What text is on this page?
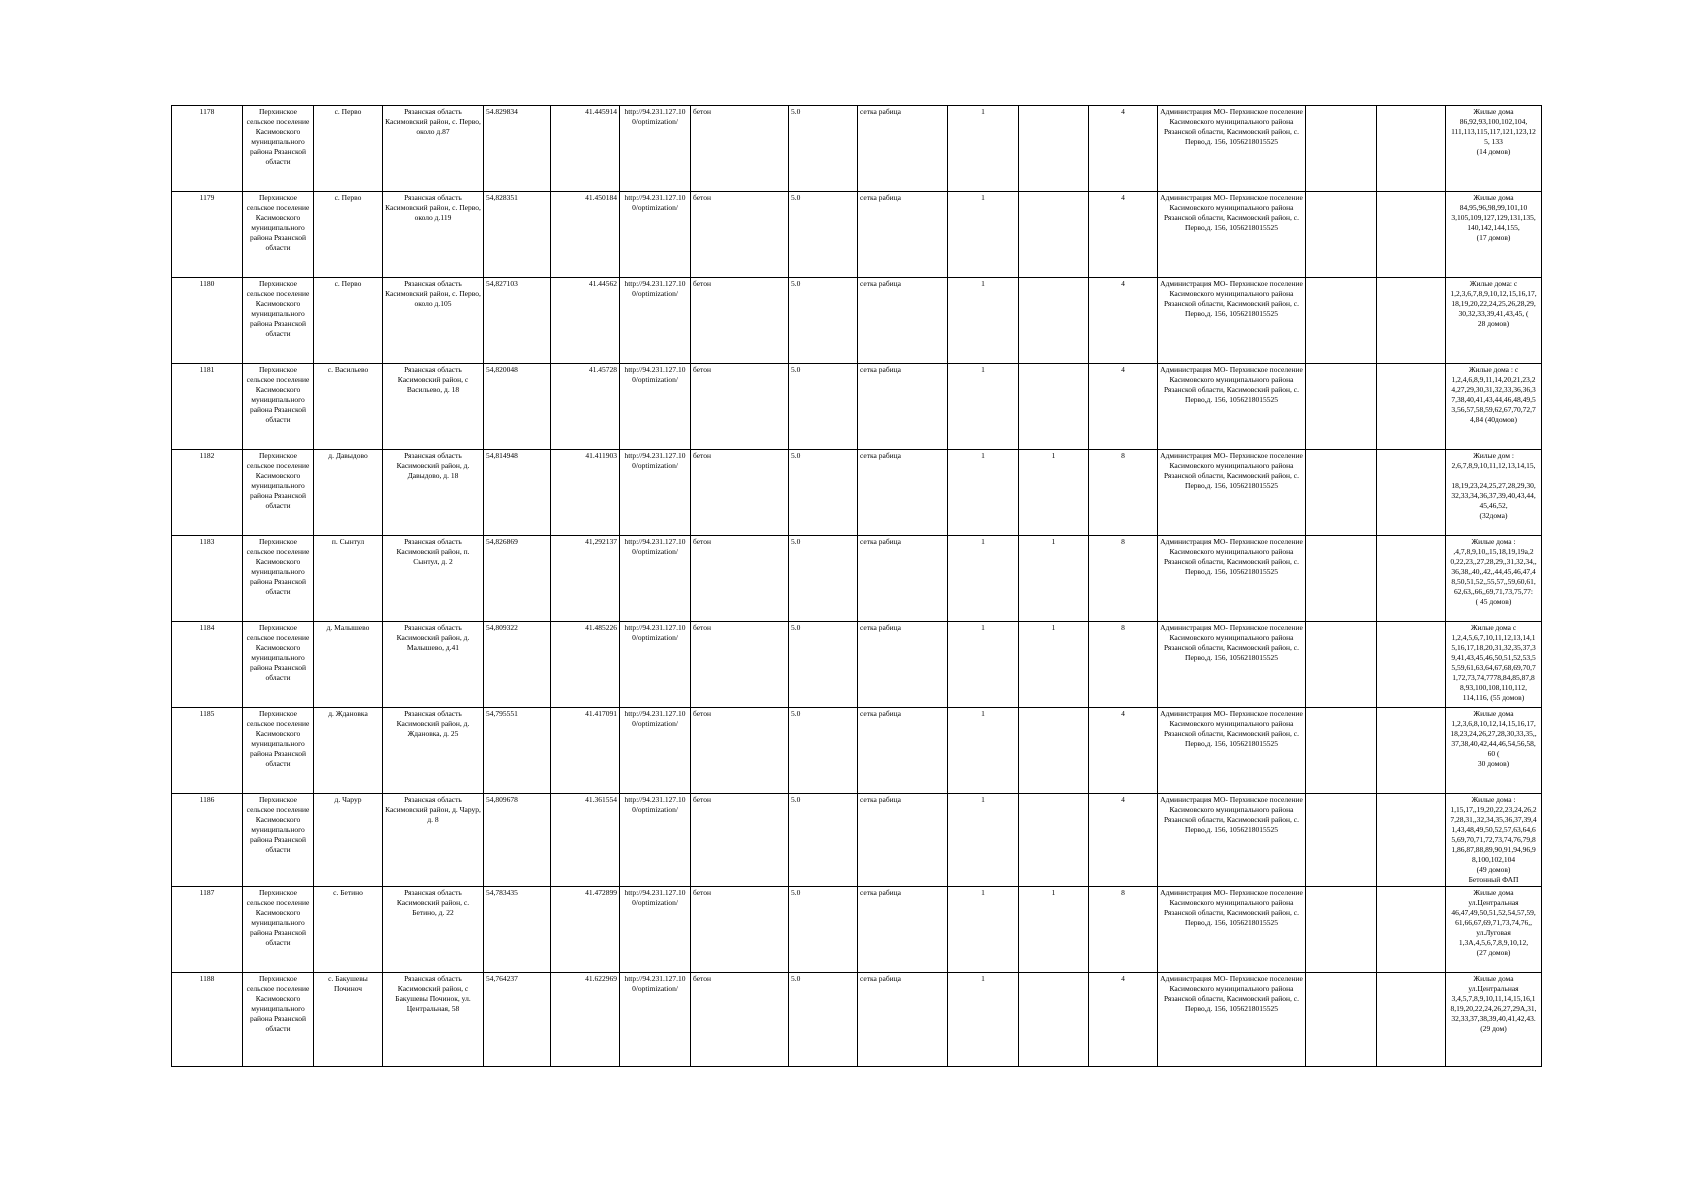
1178	Перхинское сельское поселение Касимовского муниципального района Рязанской области	с. Перво	Рязанская область Касимовский район, с. Перво, около д.87	54.829834	41.445914	http://94.231.127.10 0/optimization/	бетон	5.0	сетка рабица	1		4	Администрация МО- Перхинское поселение Касимовского муниципального района Рязанской области, Касимовский район, с. Перво,д. 156, 1056218015525			Жилые дома 86,92,93,100,102,104, 111,113,115,117,121,123,12 5, 133
(14 домов)
1179	Перхинское сельское поселение Касимовского муниципального района Рязанской области	с. Перво	Рязанская область Касимовский район, с. Перво, около д.119	54,828351	41.450184	http://94.231.127.10 0/optimization/	бетон	5.0	сетка рабица	1		4	Администрация МО- Перхинское поселение Касимовского муниципального района Рязанской области, Касимовский район, с. Перво,д. 156, 1056218015525			Жилые дома 84,95,96,98,99,101,10 3,105,109,127,129,131,135, 140,142,144,155,
(17 домов)
1180	Перхинское сельское поселение Касимовского муниципального района Рязанской области	с. Перво	Рязанская область Касимовский район, с. Перво, около д.105	54,827103	41.44562	http://94.231.127.10 0/optimization/	бетон	5.0	сетка рабица	1		4	Администрация МО- Перхинское поселение Касимовского муниципального района Рязанской области, Касимовский район, с. Перво,д. 156, 1056218015525			Жилые дома: с 1,2,3,6,7,8,9,10,12,15,16,17, 18,19,20,22,24,25,26,28,29, 30,32,33,39,41,43,45, (
28 домов)
1181	Перхинское сельское поселение Касимовского муниципального района Рязанской области	с. Васильево	Рязанская область Касимовский район, с Васильево, д. 18	54,820048	41.45728	http://94.231.127.10 0/optimization/	бетон	5.0	сетка рабица	1		4	Администрация МО- Перхинское поселение Касимовского муниципального района Рязанской области, Касимовский район, с. Перво,д. 156, 1056218015525			Жилые дома : с 1,2,4,6,8,9,11,14,20,21,23,2 4,27,29,30,31,32,33,36,36,3 7,38,40,41,43,44,46,48,49,5 3,56,57,58,59,62,67,70,72,7 4,84 (40домов)
1182	Перхинское сельское поселение Касимовского муниципального района Рязанской области	д. Давыдово	Рязанская область Касимовский район, д. Давыдово, д. 18	54,814948	41.411903	http://94.231.127.10 0/optimization/	бетон	5.0	сетка рабица	1	1	8	Администрация МО- Перхинское поселение Касимовского муниципального района Рязанской области, Касимовский район, с. Перво,д. 156, 1056218015525			Жилые дом : 2,6,7,8,9,10,11,12,13,14,15,

18,19,23,24,25,27,28,29,30, 32,33,34,36,37,39,40,43,44, 45,46,52,
(32дома)
1183	Перхинское сельское поселение Касимовского муниципального района Рязанской области	п. Сынтул	Рязанская область Касимовский район, п. Сынтул, д. 2	54,826869	41,292137	http://94.231.127.10 0/optimization/	бетон	5.0	сетка рабица	1	1	8	Администрация МО- Перхинское поселение Касимовского муниципального района Рязанской области, Касимовский район, с. Перво,д. 156, 1056218015525			Жилые дома : ,4,7,8,9,10,,15,18,19,19а,2 0,22,23,,27,28,29,,31,32,34,, 36,38,,40,,42,,44,45,46,47,4 8,50,51,52,,55,57,,59,60,61, 62,63,,66,,69,71,73,75,77:
( 45 домов)
1184	Перхинское сельское поселение Касимовского муниципального района Рязанской области	д. Малышево	Рязанская область Касимовский район, д. Малышево, д.41	54,809322	41.485226	http://94.231.127.10 0/optimization/	бетон	5.0	сетка рабица	1	1	8	Администрация МО- Перхинское поселение Касимовского муниципального района Рязанской области, Касимовский район, с. Перво,д. 156, 1056218015525			Жилые дома с 1,2,4,5,6,7,10,11,12,13,14,1 5,16,17,18,20,31,32,35,37,3 9,41,43,45,46,50,51,52,53,5 5,59,61,63,64,67,68,69,70,7 1,72,73,74,7778,84,85,87,8 8,93,100,108,110,112, 114,116, (55 домов)
1185	Перхинское сельское поселение Касимовского муниципального района Рязанской области	д. Ждановка	Рязанская область Касимовский район, д. Ждановка, д. 25	54,795551	41.417091	http://94.231.127.10 0/optimization/	бетон	5.0	сетка рабица	1		4	Администрация МО- Перхинское поселение Касимовского муниципального района Рязанской области, Касимовский район, с. Перво,д. 156, 1056218015525			Жилые дома 1,2,3,6,8,10,12,14,15,16,17, 18,23,24,26,27,28,30,33,35,, 37,38,40,42,44,46,54,56,58, 60 (
30 домов)
1186	Перхинское сельское поселение Касимовского муниципального района Рязанской области	д. Чарур	Рязанская область Касимовский район, д. Чарур, д. 8	54,809678	41.361554	http://94.231.127.10 0/optimization/	бетон	5.0	сетка рабица	1		4	Администрация МО- Перхинское поселение Касимовского муниципального района Рязанской области, Касимовский район, с. Перво,д. 156, 1056218015525			Жилые дома : 1,15,17,,19,20,22,23,24,26,2 7,28,31,,32,34,35,36,37,39,4 1,43,48,49,50,52,57,63,64,6 5,69,70,71,72,73,74,76,79,8 1,86,87,88,89,90,91,94,96,9 8,100,102,104
(49 домов)
Бетонный ФАП
1187	Перхинское сельское поселение Касимовского муниципального района Рязанской области	с. Бетино	Рязанская область Касимовский район, с. Бетино, д. 22	54,783435	41.472899	http://94.231.127.10 0/optimization/	бетон	5.0	сетка рабица	1	1	8	Администрация МО- Перхинское поселение Касимовского муниципального района Рязанской области, Касимовский район, с. Перво,д. 156, 1056218015525			Жилые дома ул.Центральная 46,47,49,50,51,52,54,57,59, 61,66,67,69,71,73,74,76,, ул.Луговая 1,3А,4,5,6,7,8,9,10,12,
(27 домов)
1188	Перхинское сельское поселение Касимовского муниципального района Рязанской области	с. Бакушевы Починоч	Рязанская область Касимовский район, с Бакушевы Починок, ул. Центральная, 58	54,764237	41.622969	http://94.231.127.10 0/optimization/	бетон	5.0	сетка рабица	1		4	Администрация МО- Перхинское поселение Касимовского муниципального района Рязанской области, Касимовский район, с. Перво,д. 156, 1056218015525			Жилые дома ул.Центральная 3,4,5,7,8,9,10,11,14,15,16,1 8,19,20,22,24,26,27,29А,31, 32,33,37,38,39,40,41,42,43.
(29 дом)
